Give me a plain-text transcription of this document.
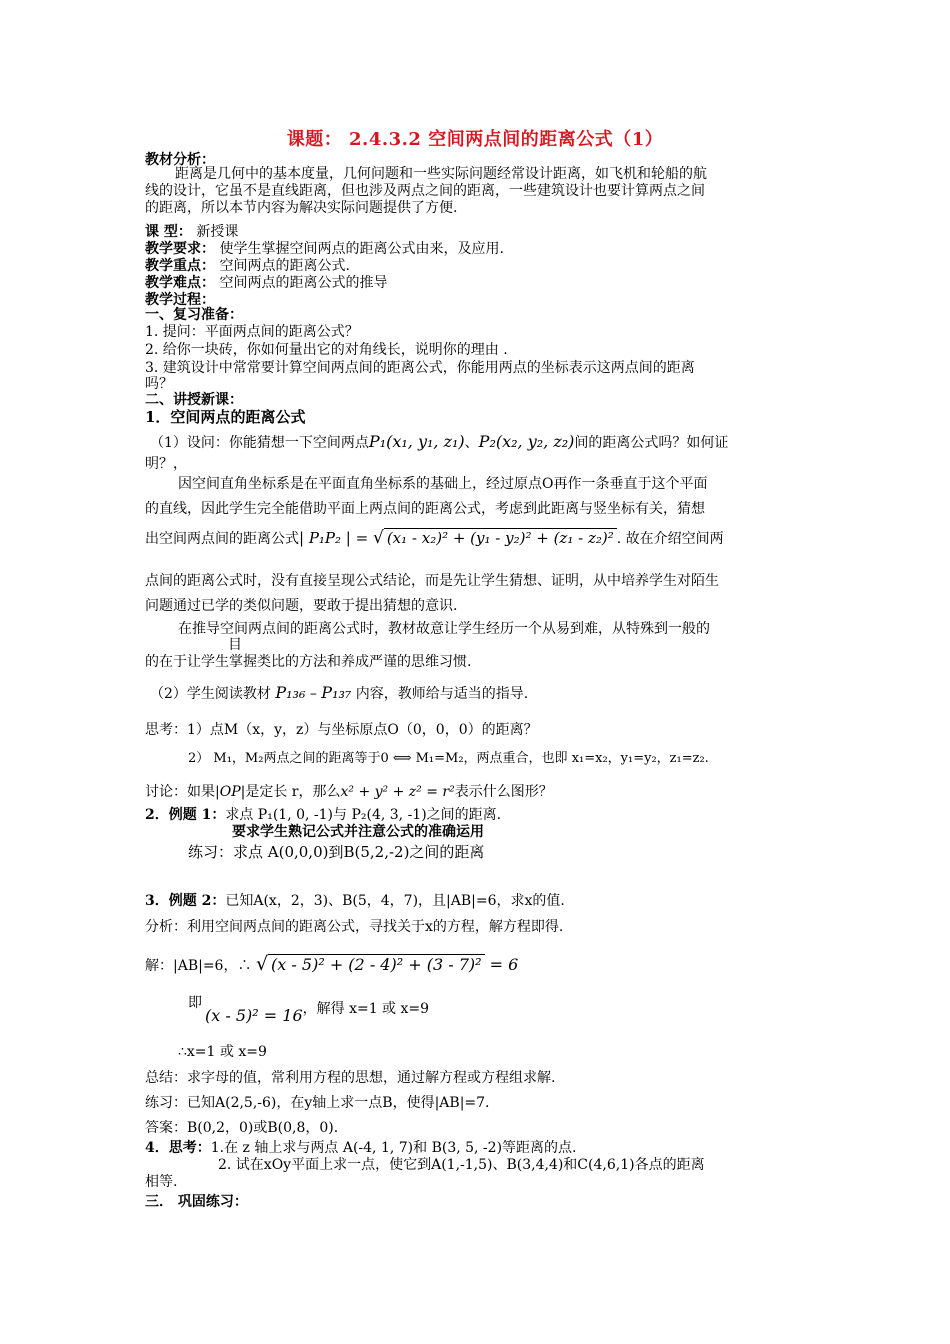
课题： 2.4.3.2 空间两点间的距离公式（1）
教材分析：
距离是几何中的基本度量，几何问题和一些实际问题经常设计距离，如飞机和轮船的航
线的设计，它虽不是直线距离，但也涉及两点之间的距离，一些建筑设计也要计算两点之间
的距离，所以本节内容为解决实际问题提供了方便.
课 型： 新授课
教学要求： 使学生掌握空间两点的距离公式由来，及应用.
教学重点： 空间两点的距离公式.
教学难点： 空间两点的距离公式的推导
教学过程：
一、复习准备：
1. 提问：平面两点间的距离公式？
2. 给你一块砖，你如何量出它的对角线长，说明你的理由 .
3. 建筑设计中常常要计算空间两点间的距离公式，你能用两点的坐标表示这两点间的距离
吗？
二、讲授新课：
1．空间两点的距离公式
（1）设问：你能猜想一下空间两点P₁(x₁, y₁, z₁)、P₂(x₂, y₂, z₂)间的距离公式吗？如何证
明？，
因空间直角坐标系是在平面直角坐标系的基础上，经过原点O再作一条垂直于这个平面
的直线，因此学生完全能借助平面上两点间的距离公式，考虑到此距离与竖坐标有关，猜想
出空间两点间的距离公式| P₁P₂ | = √ (x₁ - x₂)² + (y₁ - y₂)² + (z₁ - z₂)² . 故在介绍空间两
点间的距离公式时，没有直接呈现公式结论，而是先让学生猜想、证明，从中培养学生对陌生
问题通过已学的类似问题，要敢于提出猜想的意识.
在推导空间两点间的距离公式时，教材故意让学生经历一个从易到难，从特殊到一般的
目
的在于让学生掌握类比的方法和养成严谨的思维习惯.
（2）学生阅读教材 P₁₃₆ – P₁₃₇ 内容，教师给与适当的指导.
思考：1）点M（x，y，z）与坐标原点O（0，0，0）的距离？
2） M₁，M₂两点之间的距离等于0 ⟺ M₁=M₂，两点重合，也即 x₁=x₂，y₁=y₂，z₁=z₂.
讨论：如果|OP|是定长 r，那么x² + y² + z² = r²表示什么图形？
2．例题 1：求点 P₁(1, 0, -1)与 P₂(4, 3, -1)之间的距离.
要求学生熟记公式并注意公式的准确运用
练习：求点 A(0,0,0)到B(5,2,-2)之间的距离
3．例题 2：已知A(x，2，3)、B(5，4，7)，且|AB|=6，求x的值.
分析：利用空间两点间的距离公式，寻找关于x的方程，解方程即得.
解：|AB|=6，∴ √ (x - 5)² + (2 - 4)² + (3 - 7)² = 6
即
(x - 5)² = 16，解得 x=1 或 x=9
∴x=1 或 x=9
总结：求字母的值，常利用方程的思想，通过解方程或方程组求解.
练习：已知A(2,5,-6)，在y轴上求一点B，使得|AB|=7.
答案：B(0,2，0)或B(0,8，0).
4．思考：1.在 z 轴上求与两点 A(-4, 1, 7)和 B(3, 5, -2)等距离的点.
2. 试在xOy平面上求一点，使它到A(1,-1,5)、B(3,4,4)和C(4,6,1)各点的距离
相等.
三． 巩固练习：
